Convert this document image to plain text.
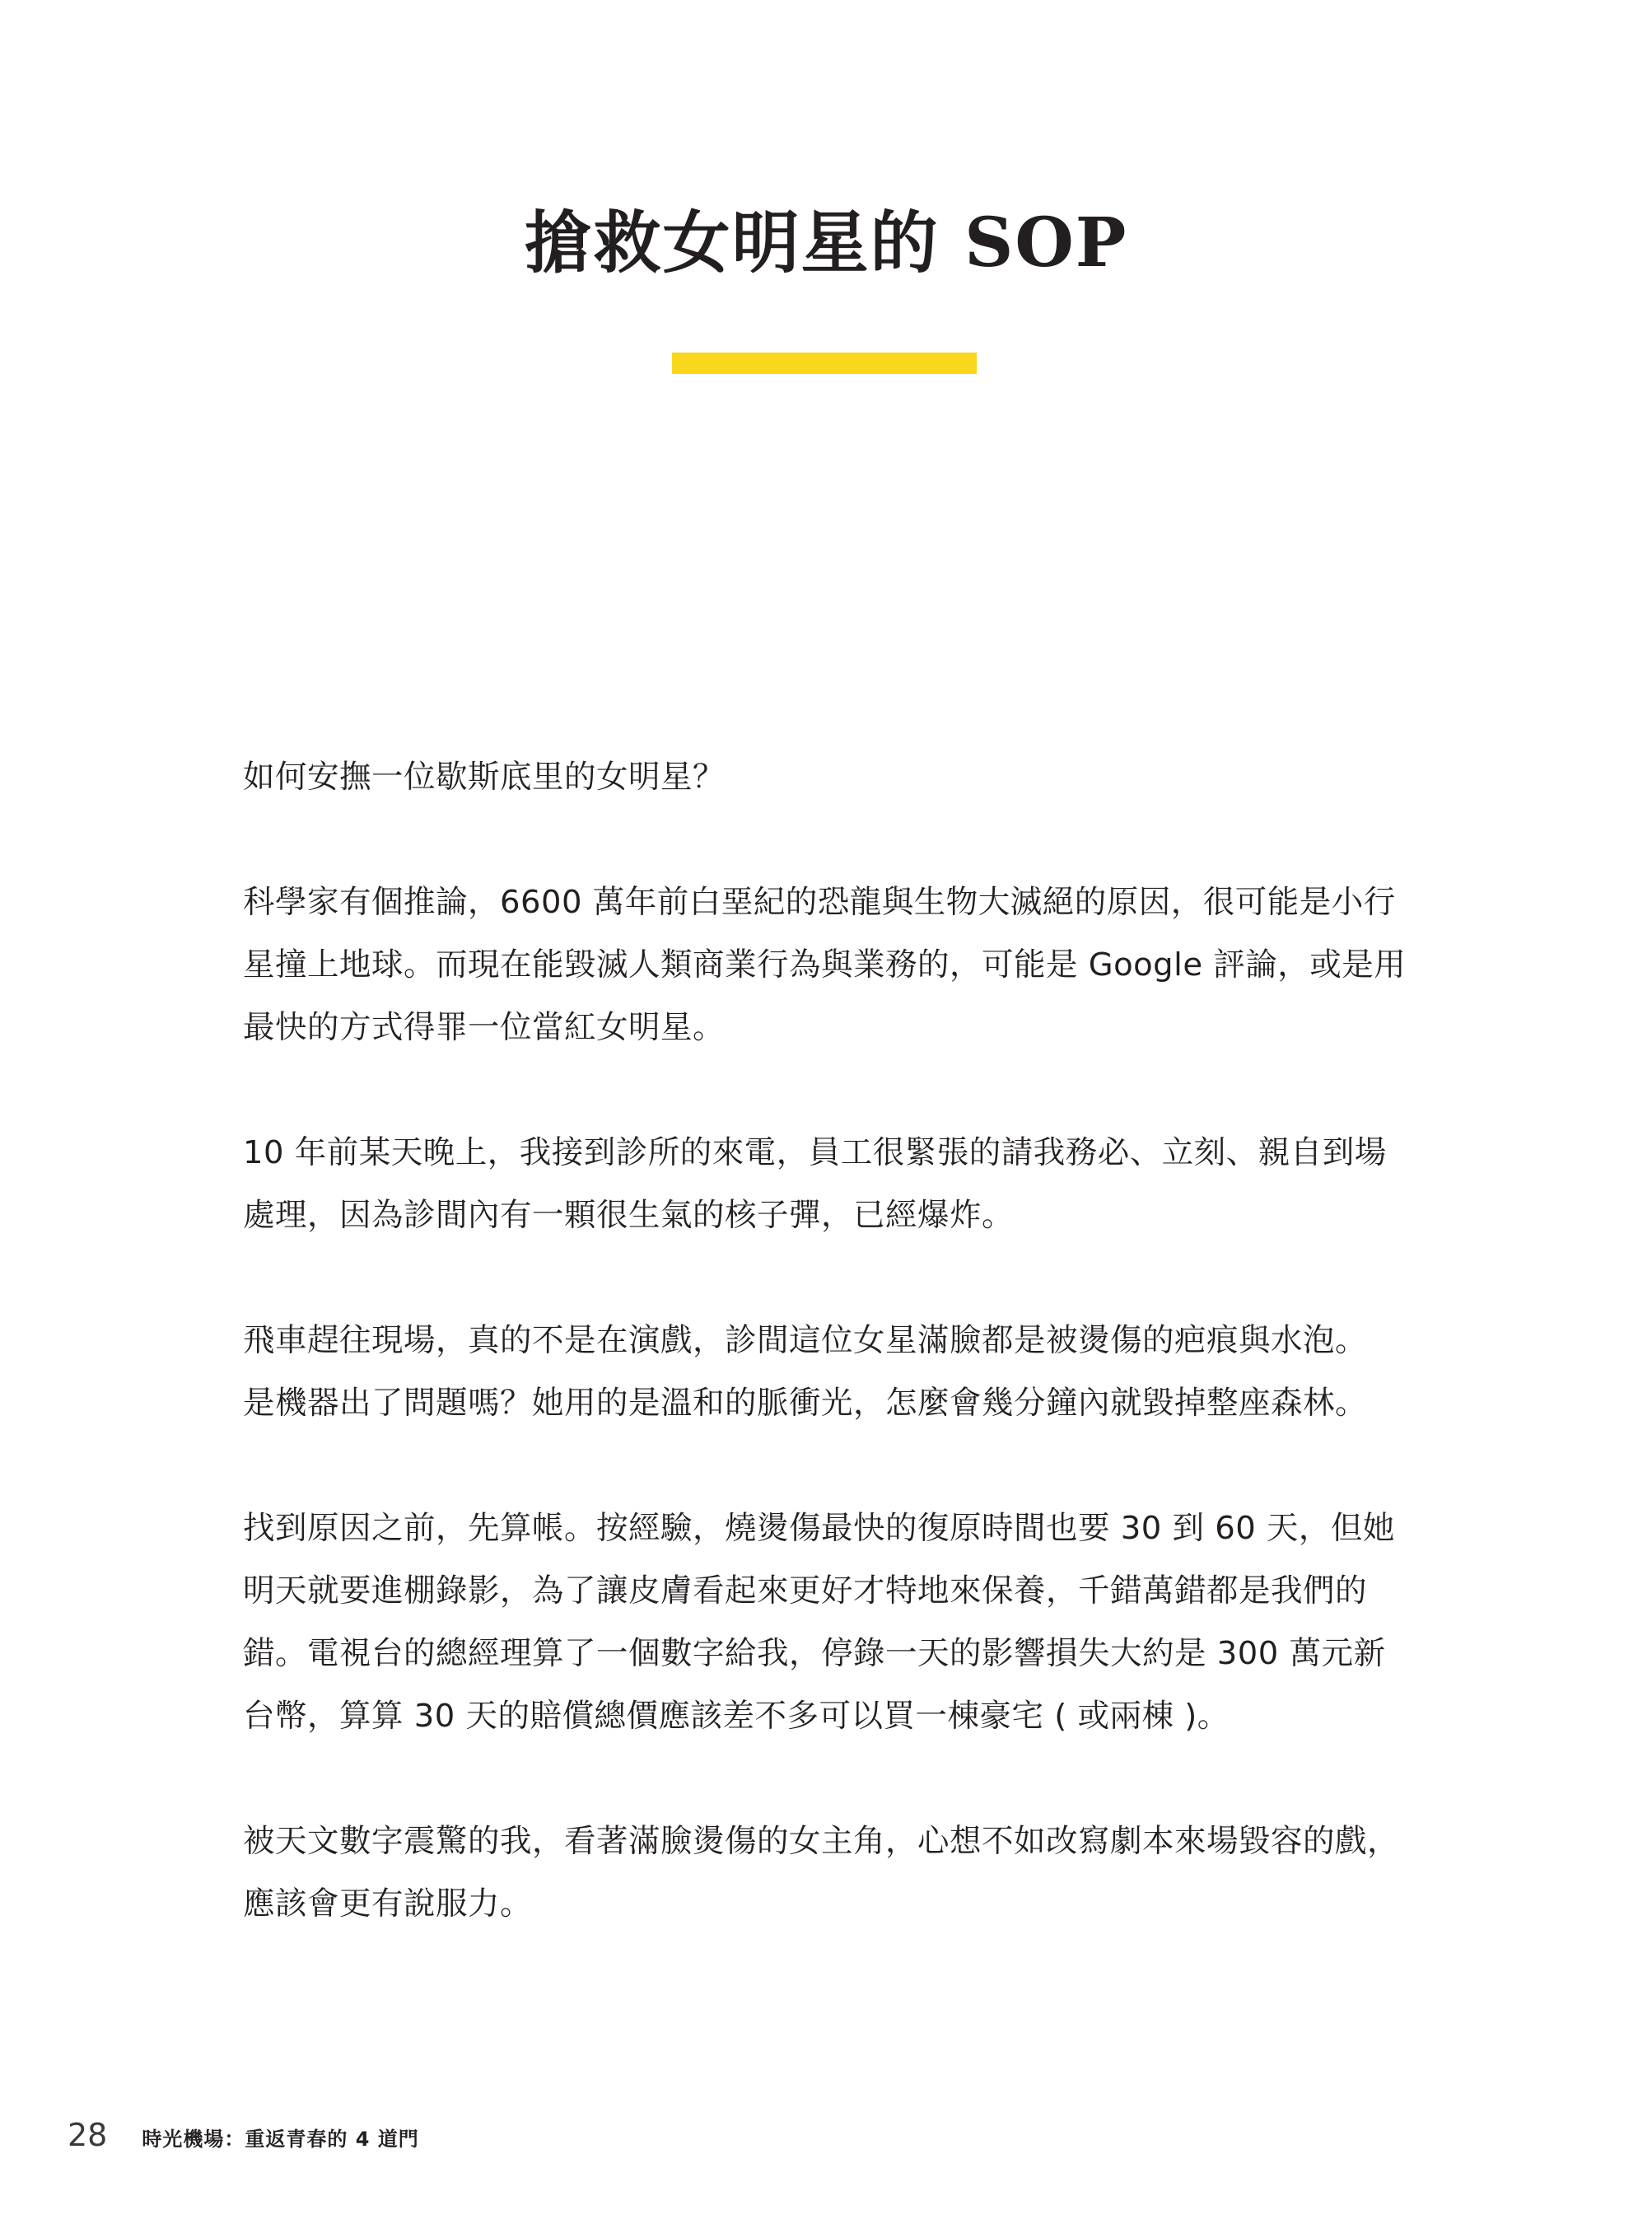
搶救女明星的 SOP

如何安撫一位歇斯底里的女明星？

科學家有個推論，6600 萬年前白堊紀的恐龍與生物大滅絕的原因，很可能是小行
星撞上地球。而現在能毀滅人類商業行為與業務的，可能是 Google 評論，或是用
最快的方式得罪一位當紅女明星。

10 年前某天晚上，我接到診所的來電，員工很緊張的請我務必、立刻、親自到場
處理，因為診間內有一顆很生氣的核子彈，已經爆炸。

飛車趕往現場，真的不是在演戲，診間這位女星滿臉都是被燙傷的疤痕與水泡。
是機器出了問題嗎？她用的是溫和的脈衝光，怎麼會幾分鐘內就毀掉整座森林。

找到原因之前，先算帳。按經驗，燒燙傷最快的復原時間也要 30 到 60 天，但她
明天就要進棚錄影，為了讓皮膚看起來更好才特地來保養，千錯萬錯都是我們的
錯。電視台的總經理算了一個數字給我，停錄一天的影響損失大約是 300 萬元新
台幣，算算 30 天的賠償總價應該差不多可以買一棟豪宅 ( 或兩棟 )。

被天文數字震驚的我，看著滿臉燙傷的女主角，心想不如改寫劇本來場毀容的戲，
應該會更有說服力。

28 時光機場：重返青春的 4 道門
